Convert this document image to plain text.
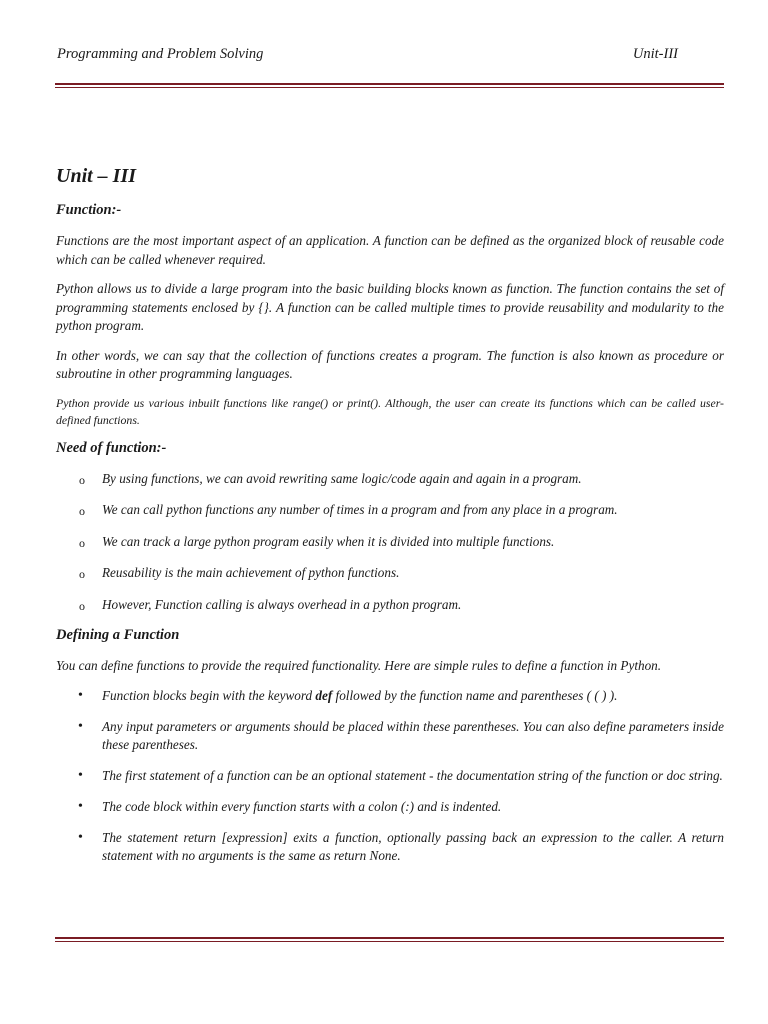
Programming and Problem Solving	Unit-III
Unit – III
Function:-

Functions are the most important aspect of an application. A function can be defined as the organized block of reusable code which can be called whenever required.

Python allows us to divide a large program into the basic building blocks known as function. The function contains the set of programming statements enclosed by {}. A function can be called multiple times to provide reusability and modularity to the python program.

In other words, we can say that the collection of functions creates a program. The function is also known as procedure or subroutine in other programming languages.

Python provide us various inbuilt functions like range() or print(). Although, the user can create its functions which can be called user-defined functions.

Need of function:-
o By using functions, we can avoid rewriting same logic/code again and again in a program.
o We can call python functions any number of times in a program and from any place in a program.
o We can track a large python program easily when it is divided into multiple functions.
o Reusability is the main achievement of python functions.
o However, Function calling is always overhead in a python program.
Defining a Function

You can define functions to provide the required functionality. Here are simple rules to define a function in Python.

• Function blocks begin with the keyword def followed by the function name and parentheses ( ( ) ).
• Any input parameters or arguments should be placed within these parentheses. You can also define parameters inside these parentheses.
• The first statement of a function can be an optional statement - the documentation string of the function or doc string.
• The code block within every function starts with a colon (:) and is indented.
• The statement return [expression] exits a function, optionally passing back an expression to the caller. A return statement with no arguments is the same as return None.
